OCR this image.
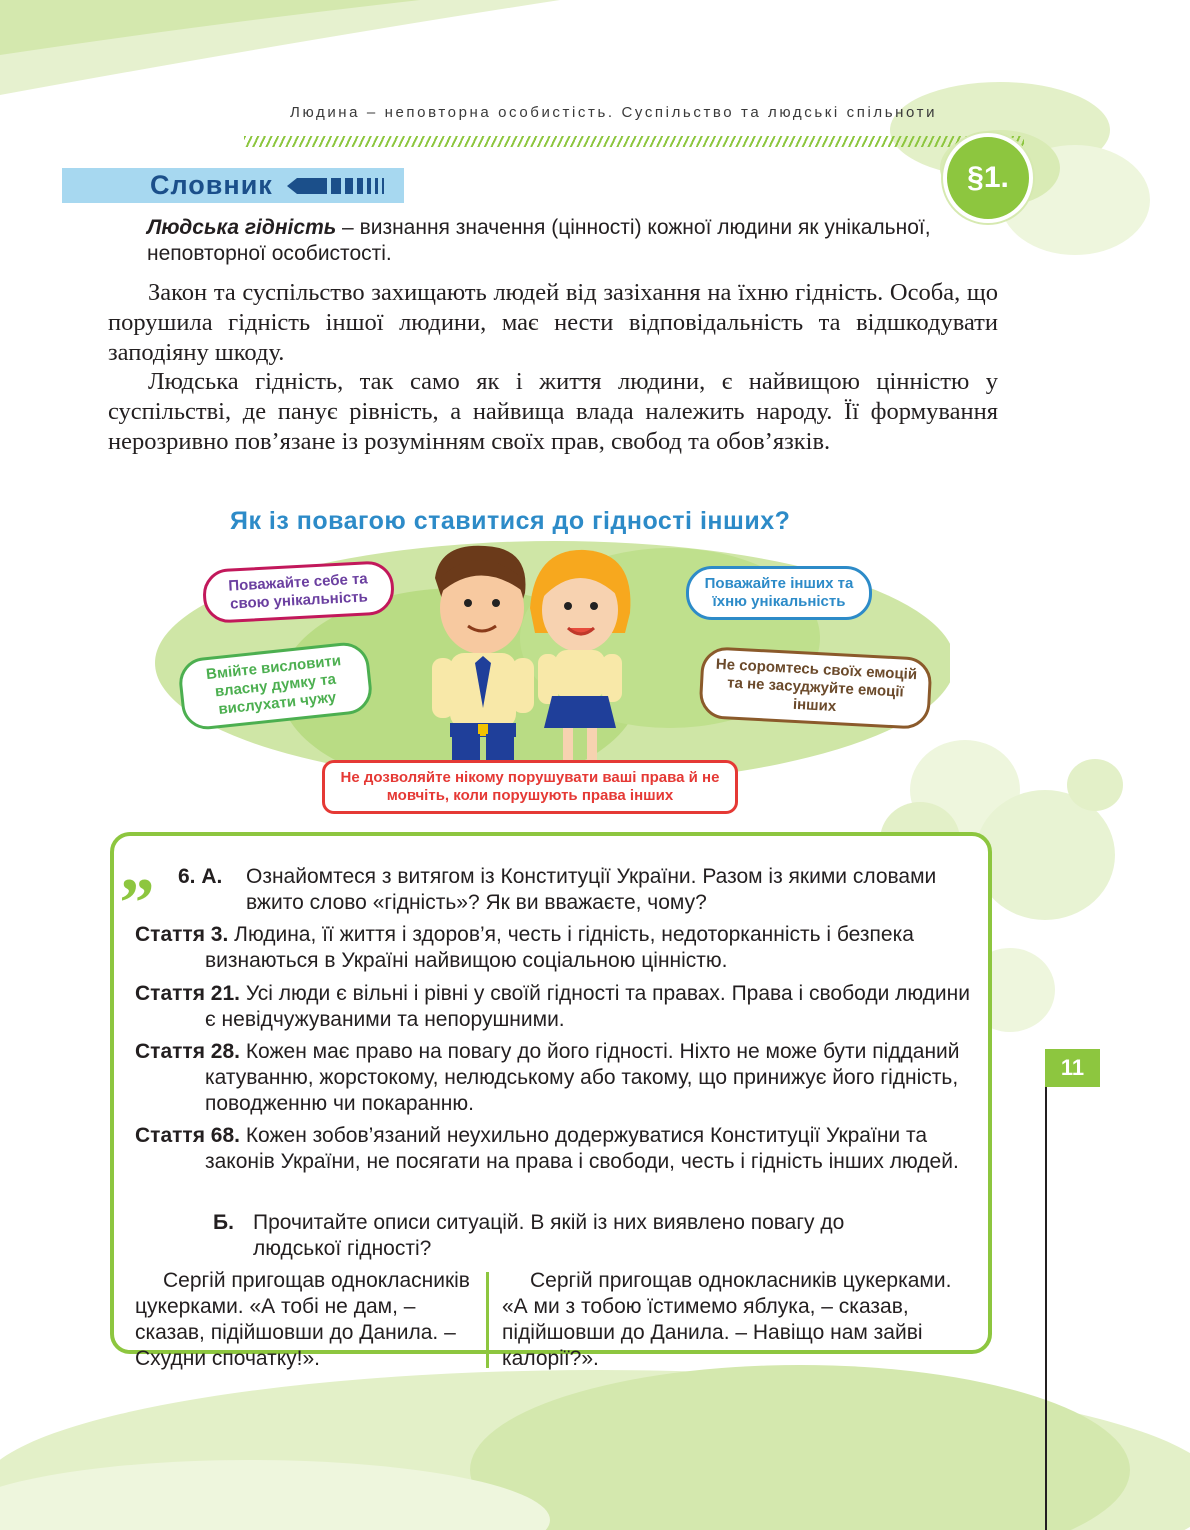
Людина – неповторна особистість. Суспільство та людські спільноти
§1.
Словник
Людська гідність – визнання значення (цінності) кожної людини як унікальної, неповторної особистості.

Закон та суспільство захищають людей від зазіхання на їхню гідність. Особа, що порушила гідність іншої людини, має нести відповідальність та відшкодувати заподіяну шкоду.

Людська гідність, так само як і життя людини, є найвищою цінністю у суспільстві, де панує рівність, а найвища влада належить народу. Її формування нерозривно пов’язане із розумінням своїх прав, свобод та обов’язків.

Як із повагою ставитися до гідності інших?
Поважайте себе та свою унікальність
Поважайте інших та їхню унікальність
Вмійте висловити власну думку та вислухати чужу
Не соромтесь своїх емоцій та не засуджуйте емоції інших
Не дозволяйте нікому порушувати ваші права й не мовчіть, коли порушують права інших
„ 6. А.	Ознайомтеся з витягом із Конституції України. Разом із якими словами вжито слово «гідність»? Як ви вважаєте, чому?
Стаття 3. Людина, її життя і здоров’я, честь і гідність, недоторканність і безпека визнаються в Україні найвищою соціальною цінністю.
Стаття 21. Усі люди є вільні і рівні у своїй гідності та правах. Права і свободи людини є невідчужуваними та непорушними.
Стаття 28. Кожен має право на повагу до його гідності. Ніхто не може бути підданий катуванню, жорстокому, нелюдському або такому, що принижує його гідність, поводженню чи покаранню.
Стаття 68. Кожен зобов’язаний неухильно додержуватися Конституції України та законів України, не посягати на права і свободи, честь і гідність інших людей.
Б. Прочитайте описи ситуацій. В якій із них виявлено повагу до людської гідності?
Сергій пригощав однокласників цукерками. «А тобі не дам, – сказав, підійшовши до Данила. – Схудни спочатку!».
Сергій пригощав однокласників цукерками. «А ми з тобою їстимемо яблука, – сказав, підійшовши до Данила. – Навіщо нам зайві калорії?».
11
